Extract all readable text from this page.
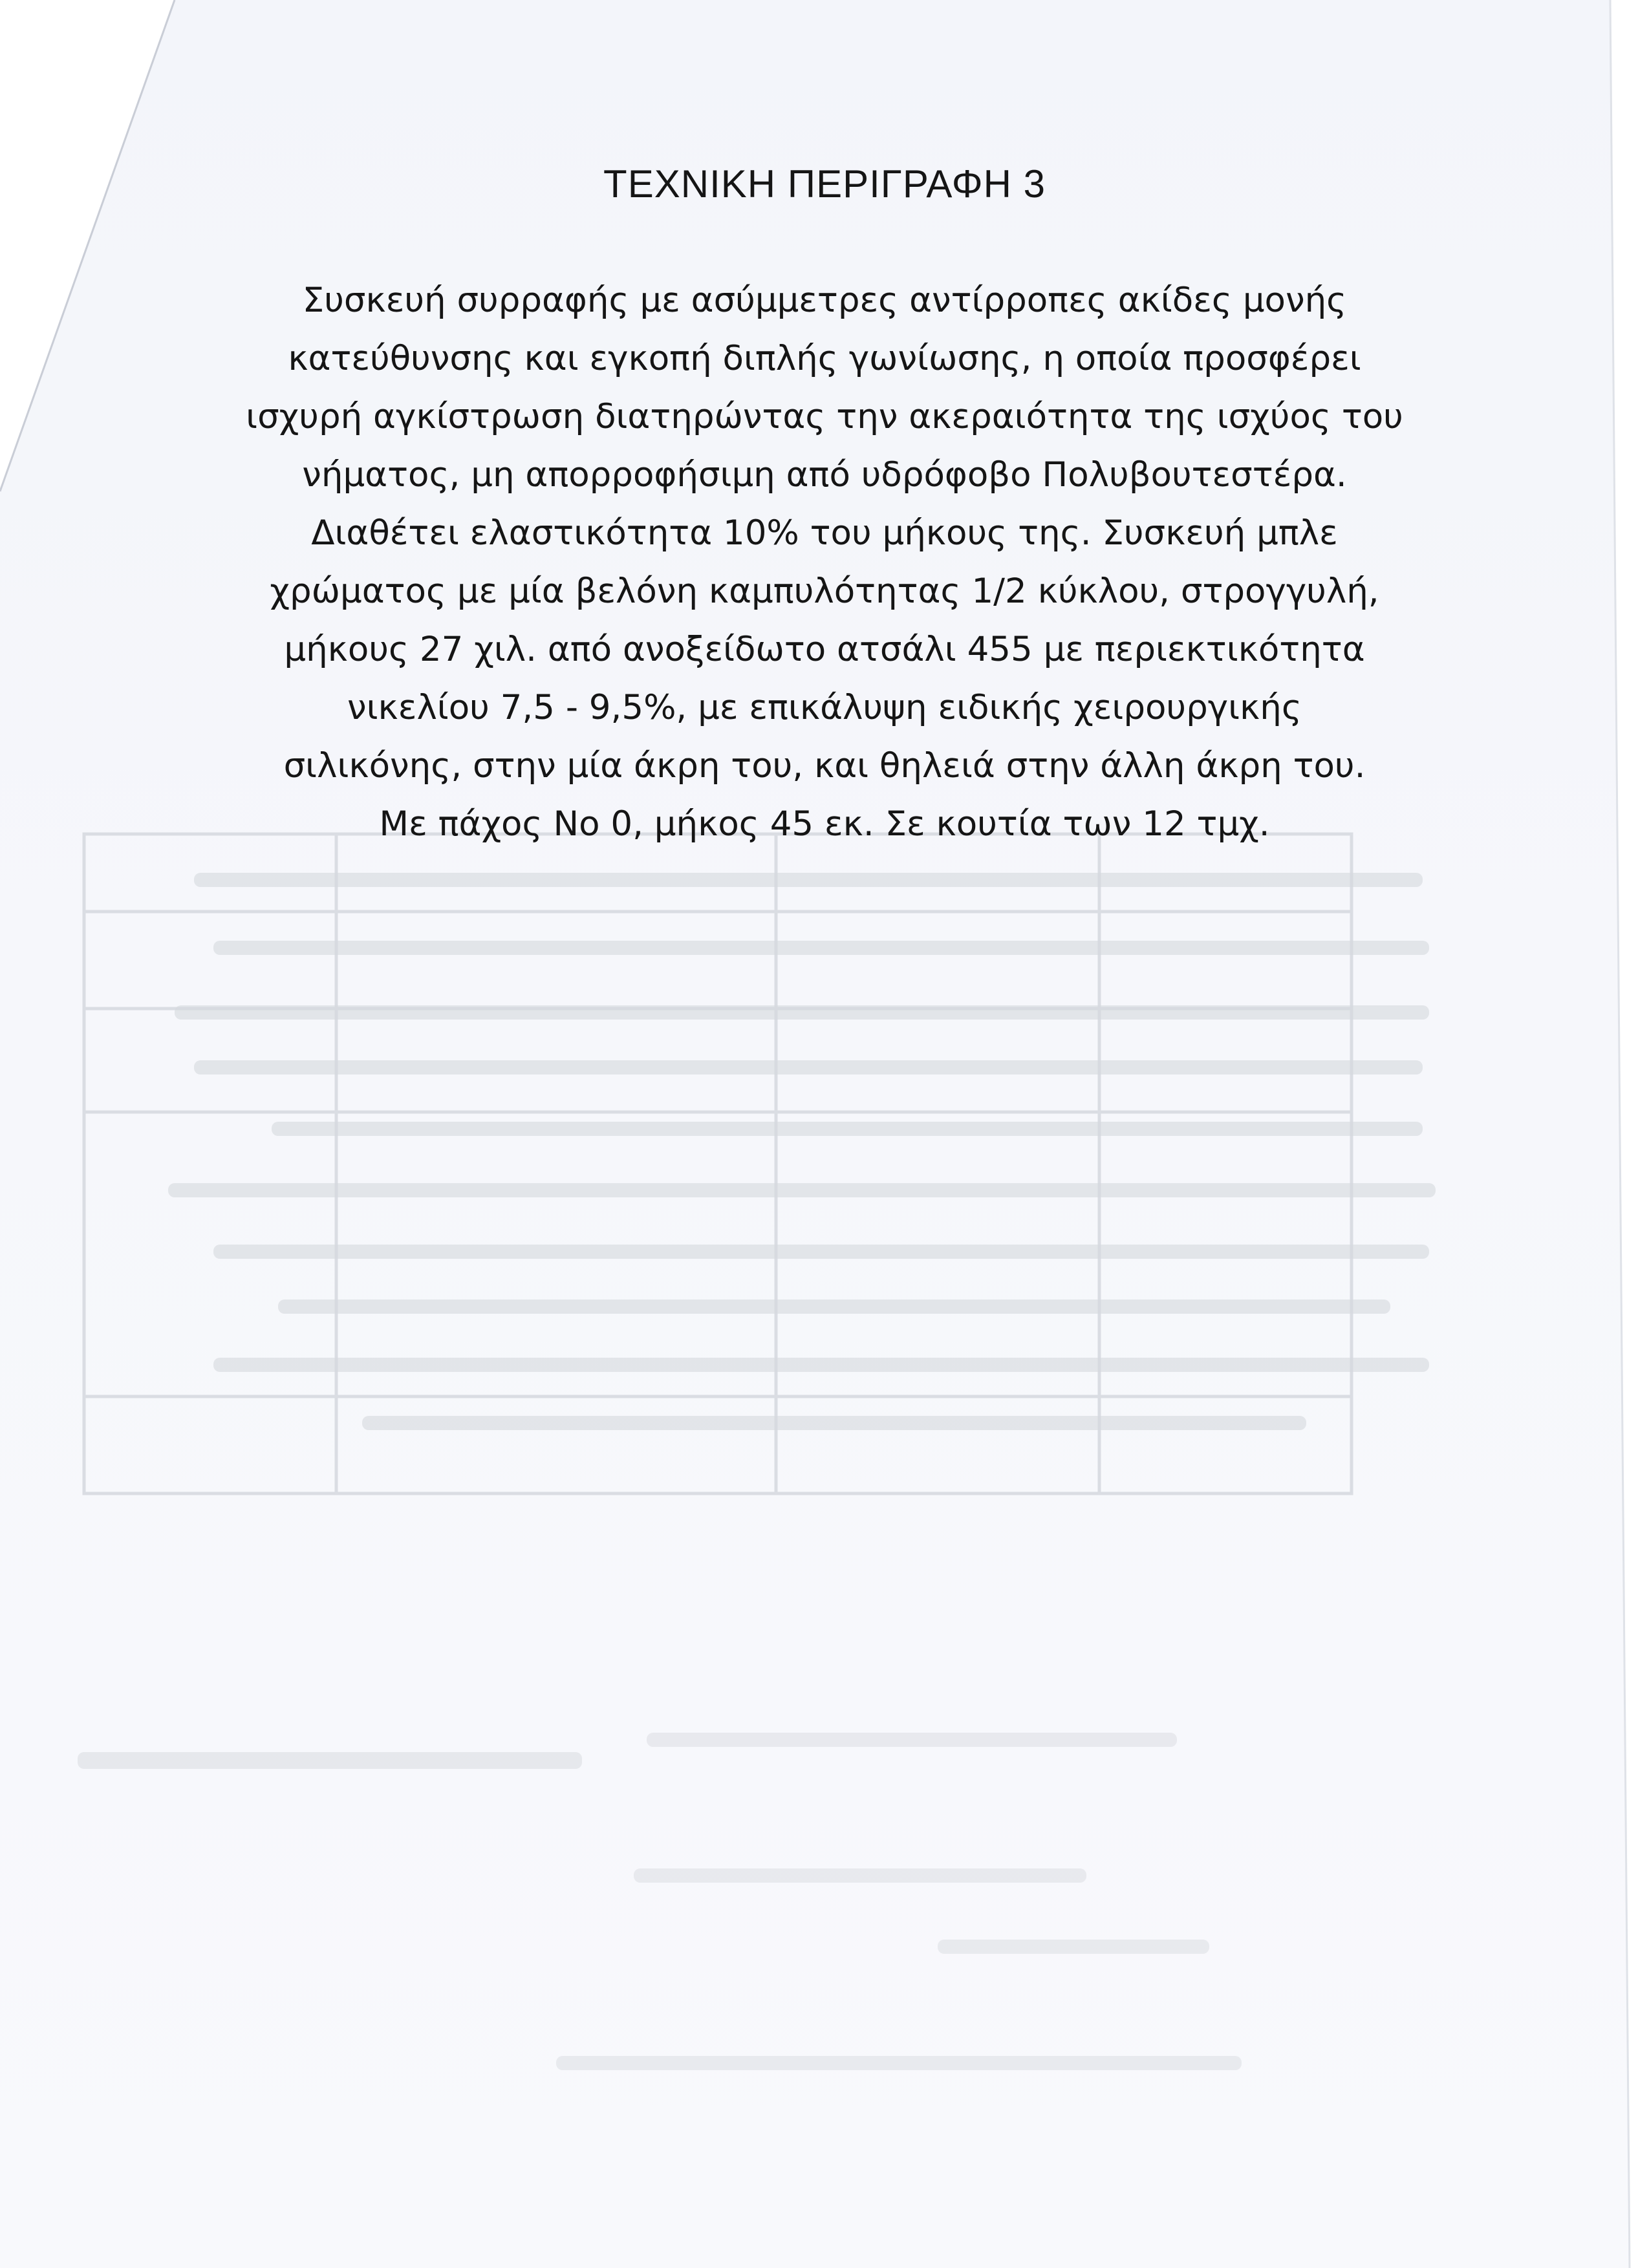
ΤΕΧΝΙΚΗ ΠΕΡΙΓΡΑΦΗ 3
Συσκευή συρραφής με ασύμμετρες αντίρροπες ακίδες μονής
κατεύθυνσης και εγκοπή διπλής γωνίωσης, η οποία προσφέρει
ισχυρή αγκίστρωση διατηρώντας την ακεραιότητα της ισχύος του
νήματος, μη απορροφήσιμη από υδρόφοβο Πολυβουτεστέρα.
Διαθέτει ελαστικότητα 10% του μήκους της. Συσκευή μπλε
χρώματος με μία βελόνη καμπυλότητας 1/2 κύκλου, στρογγυλή,
μήκους 27 χιλ. από ανοξείδωτο ατσάλι 455 με περιεκτικότητα
νικελίου 7,5 - 9,5%, με επικάλυψη ειδικής χειρουργικής
σιλικόνης, στην μία άκρη του, και θηλειά στην άλλη άκρη του.
Με πάχος Νο 0, μήκος 45 εκ. Σε κουτία των 12 τμχ.
